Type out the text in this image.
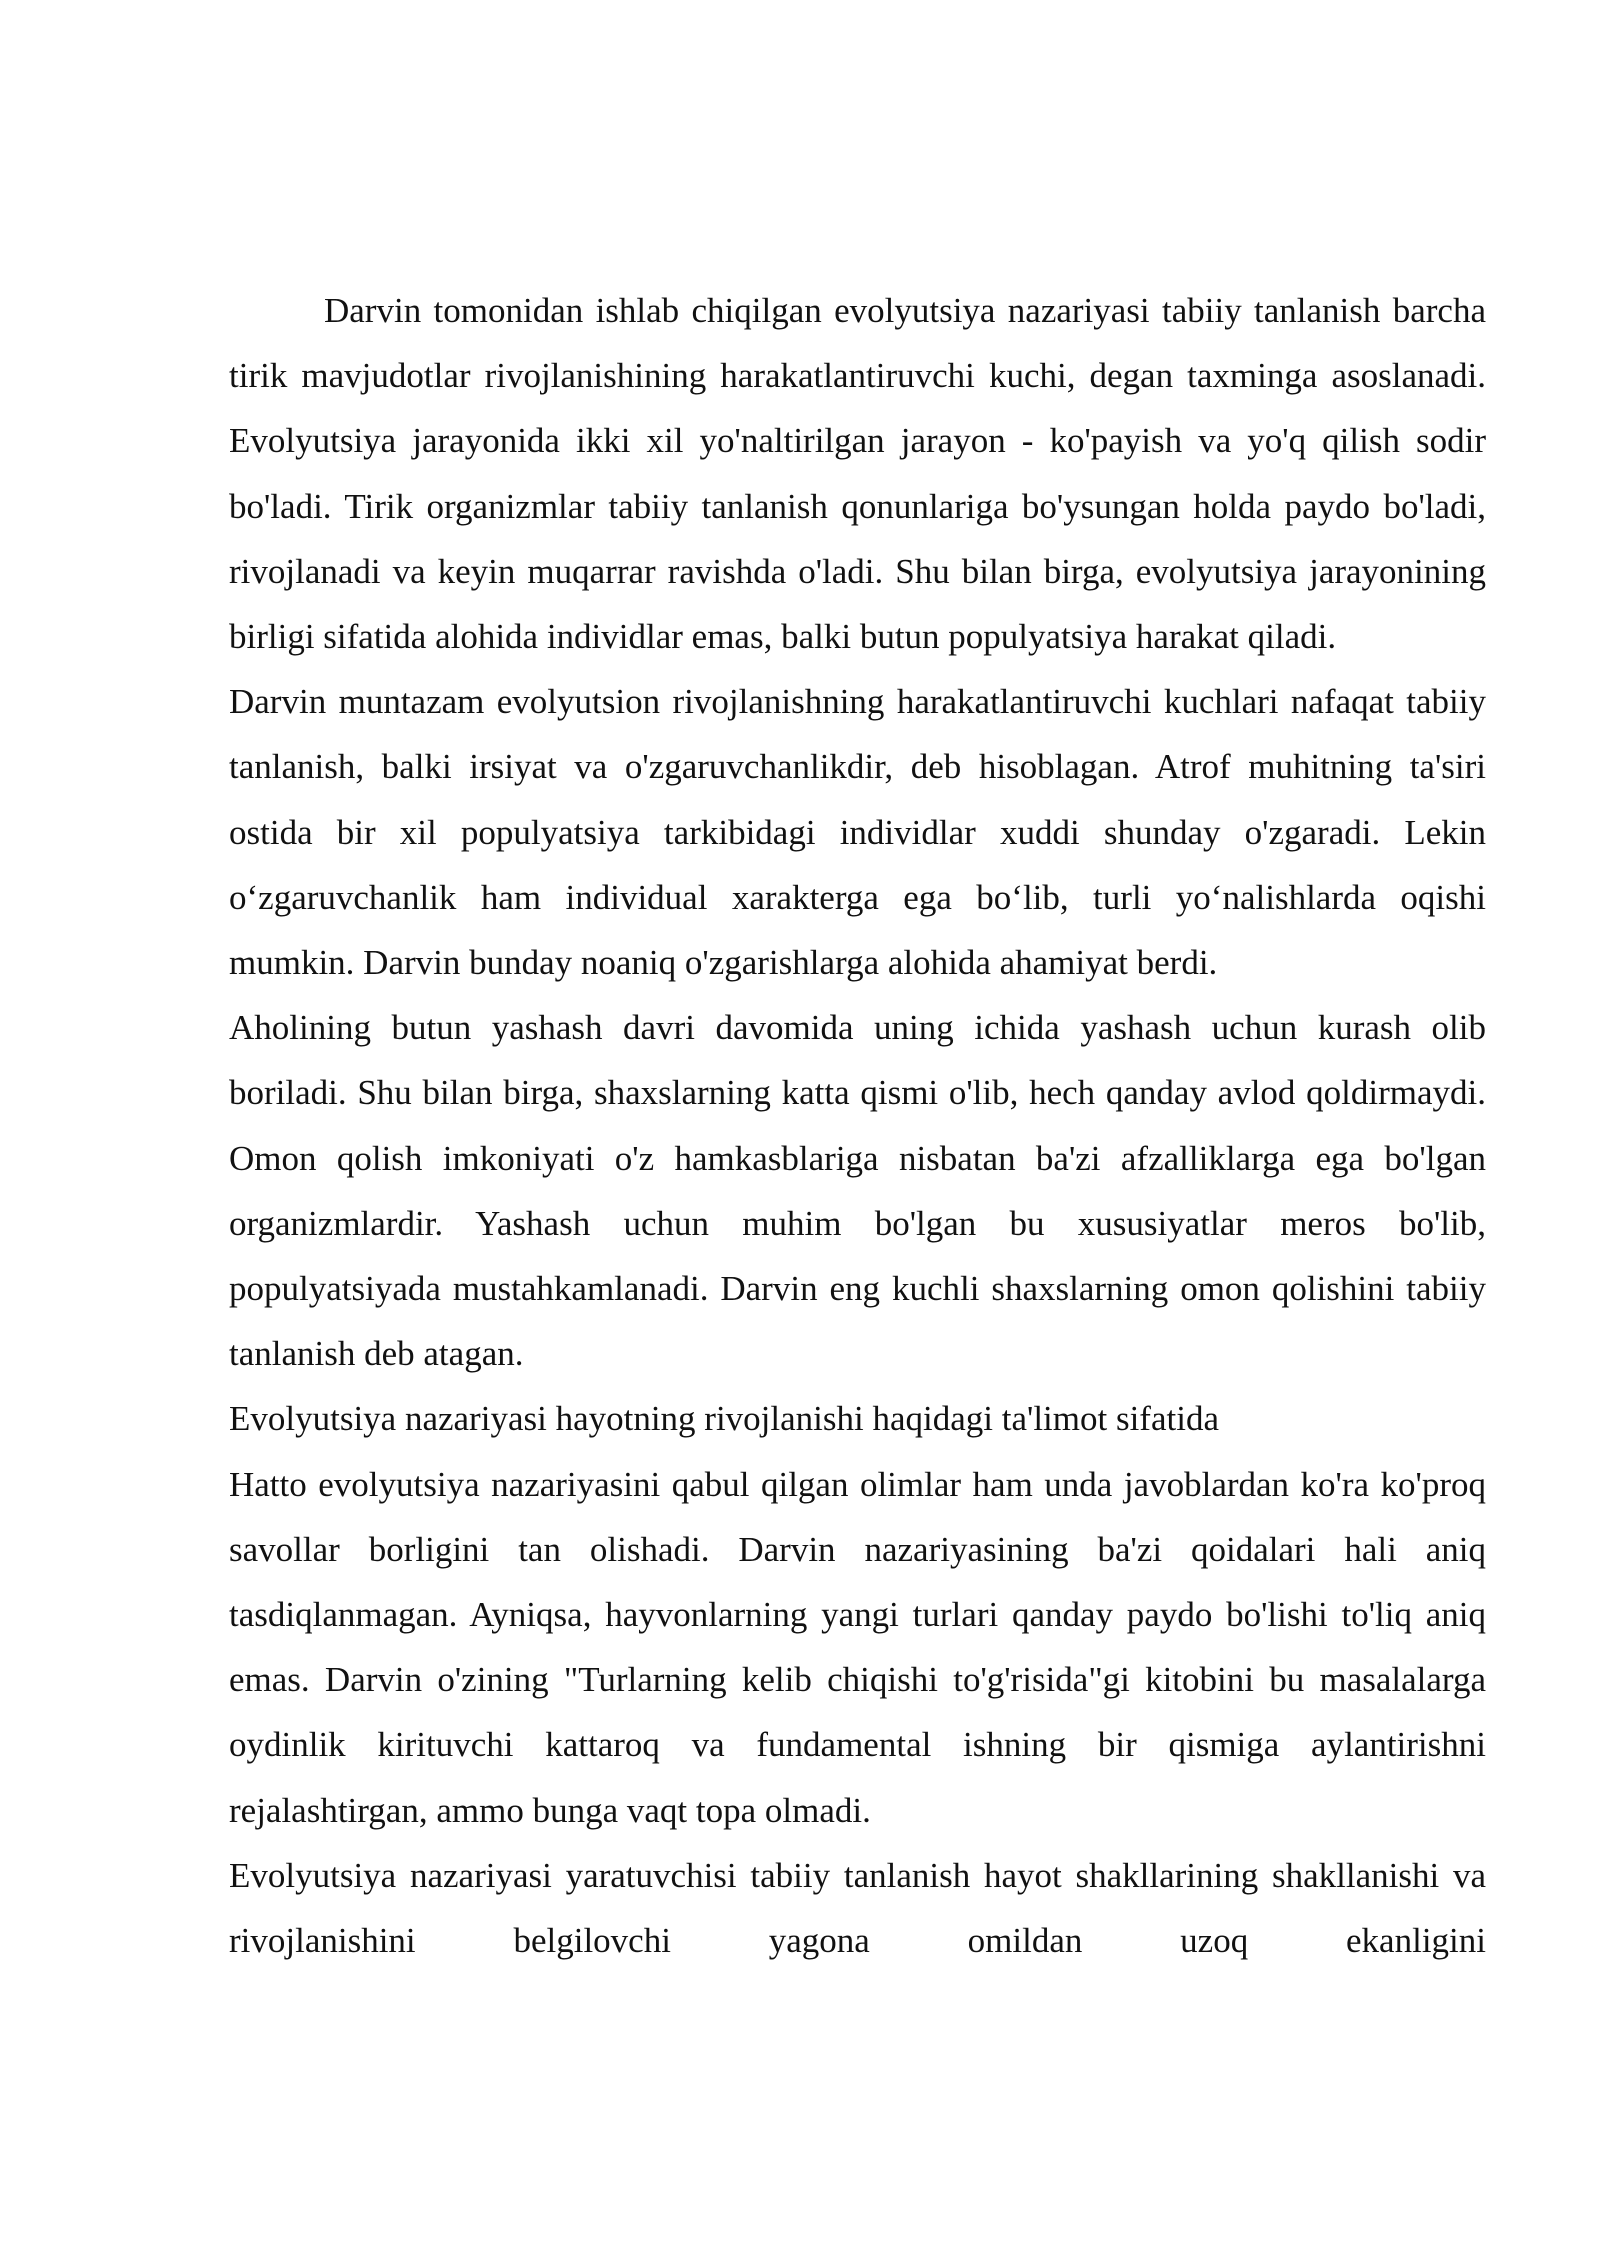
Darvin tomonidan ishlab chiqilgan evolyutsiya nazariyasi tabiiy tanlanish barcha tirik mavjudotlar rivojlanishining harakatlantiruvchi kuchi, degan taxminga asoslanadi. Evolyutsiya jarayonida ikki xil yo'naltirilgan jarayon - ko'payish va yo'q qilish sodir bo'ladi. Tirik organizmlar tabiiy tanlanish qonunlariga bo'ysungan holda paydo bo'ladi, rivojlanadi va keyin muqarrar ravishda o'ladi. Shu bilan birga, evolyutsiya jarayonining birligi sifatida alohida individlar emas, balki butun populyatsiya harakat qiladi.

Darvin muntazam evolyutsion rivojlanishning harakatlantiruvchi kuchlari nafaqat tabiiy tanlanish, balki irsiyat va o'zgaruvchanlikdir, deb hisoblagan. Atrof muhitning ta'siri ostida bir xil populyatsiya tarkibidagi individlar xuddi shunday o'zgaradi. Lekin oʻzgaruvchanlik ham individual xarakterga ega boʻlib, turli yoʻnalishlarda oqishi mumkin. Darvin bunday noaniq o'zgarishlarga alohida ahamiyat berdi.

Aholining butun yashash davri davomida uning ichida yashash uchun kurash olib boriladi. Shu bilan birga, shaxslarning katta qismi o'lib, hech qanday avlod qoldirmaydi. Omon qolish imkoniyati o'z hamkasblariga nisbatan ba'zi afzalliklarga ega bo'lgan organizmlardir. Yashash uchun muhim bo'lgan bu xususiyatlar meros bo'lib, populyatsiyada mustahkamlanadi. Darvin eng kuchli shaxslarning omon qolishini tabiiy tanlanish deb atagan.

Evolyutsiya nazariyasi hayotning rivojlanishi haqidagi ta'limot sifatida

Hatto evolyutsiya nazariyasini qabul qilgan olimlar ham unda javoblardan ko'ra ko'proq savollar borligini tan olishadi. Darvin nazariyasining ba'zi qoidalari hali aniq tasdiqlanmagan. Ayniqsa, hayvonlarning yangi turlari qanday paydo bo'lishi to'liq aniq emas. Darvin o'zining "Turlarning kelib chiqishi to'g'risida"gi kitobini bu masalalarga oydinlik kirituvchi kattaroq va fundamental ishning bir qismiga aylantirishni rejalashtirgan, ammo bunga vaqt topa olmadi.

Evolyutsiya nazariyasi yaratuvchisi tabiiy tanlanish hayot shakllarining shakllanishi va rivojlanishini belgilovchi yagona omildan uzoq ekanligini
